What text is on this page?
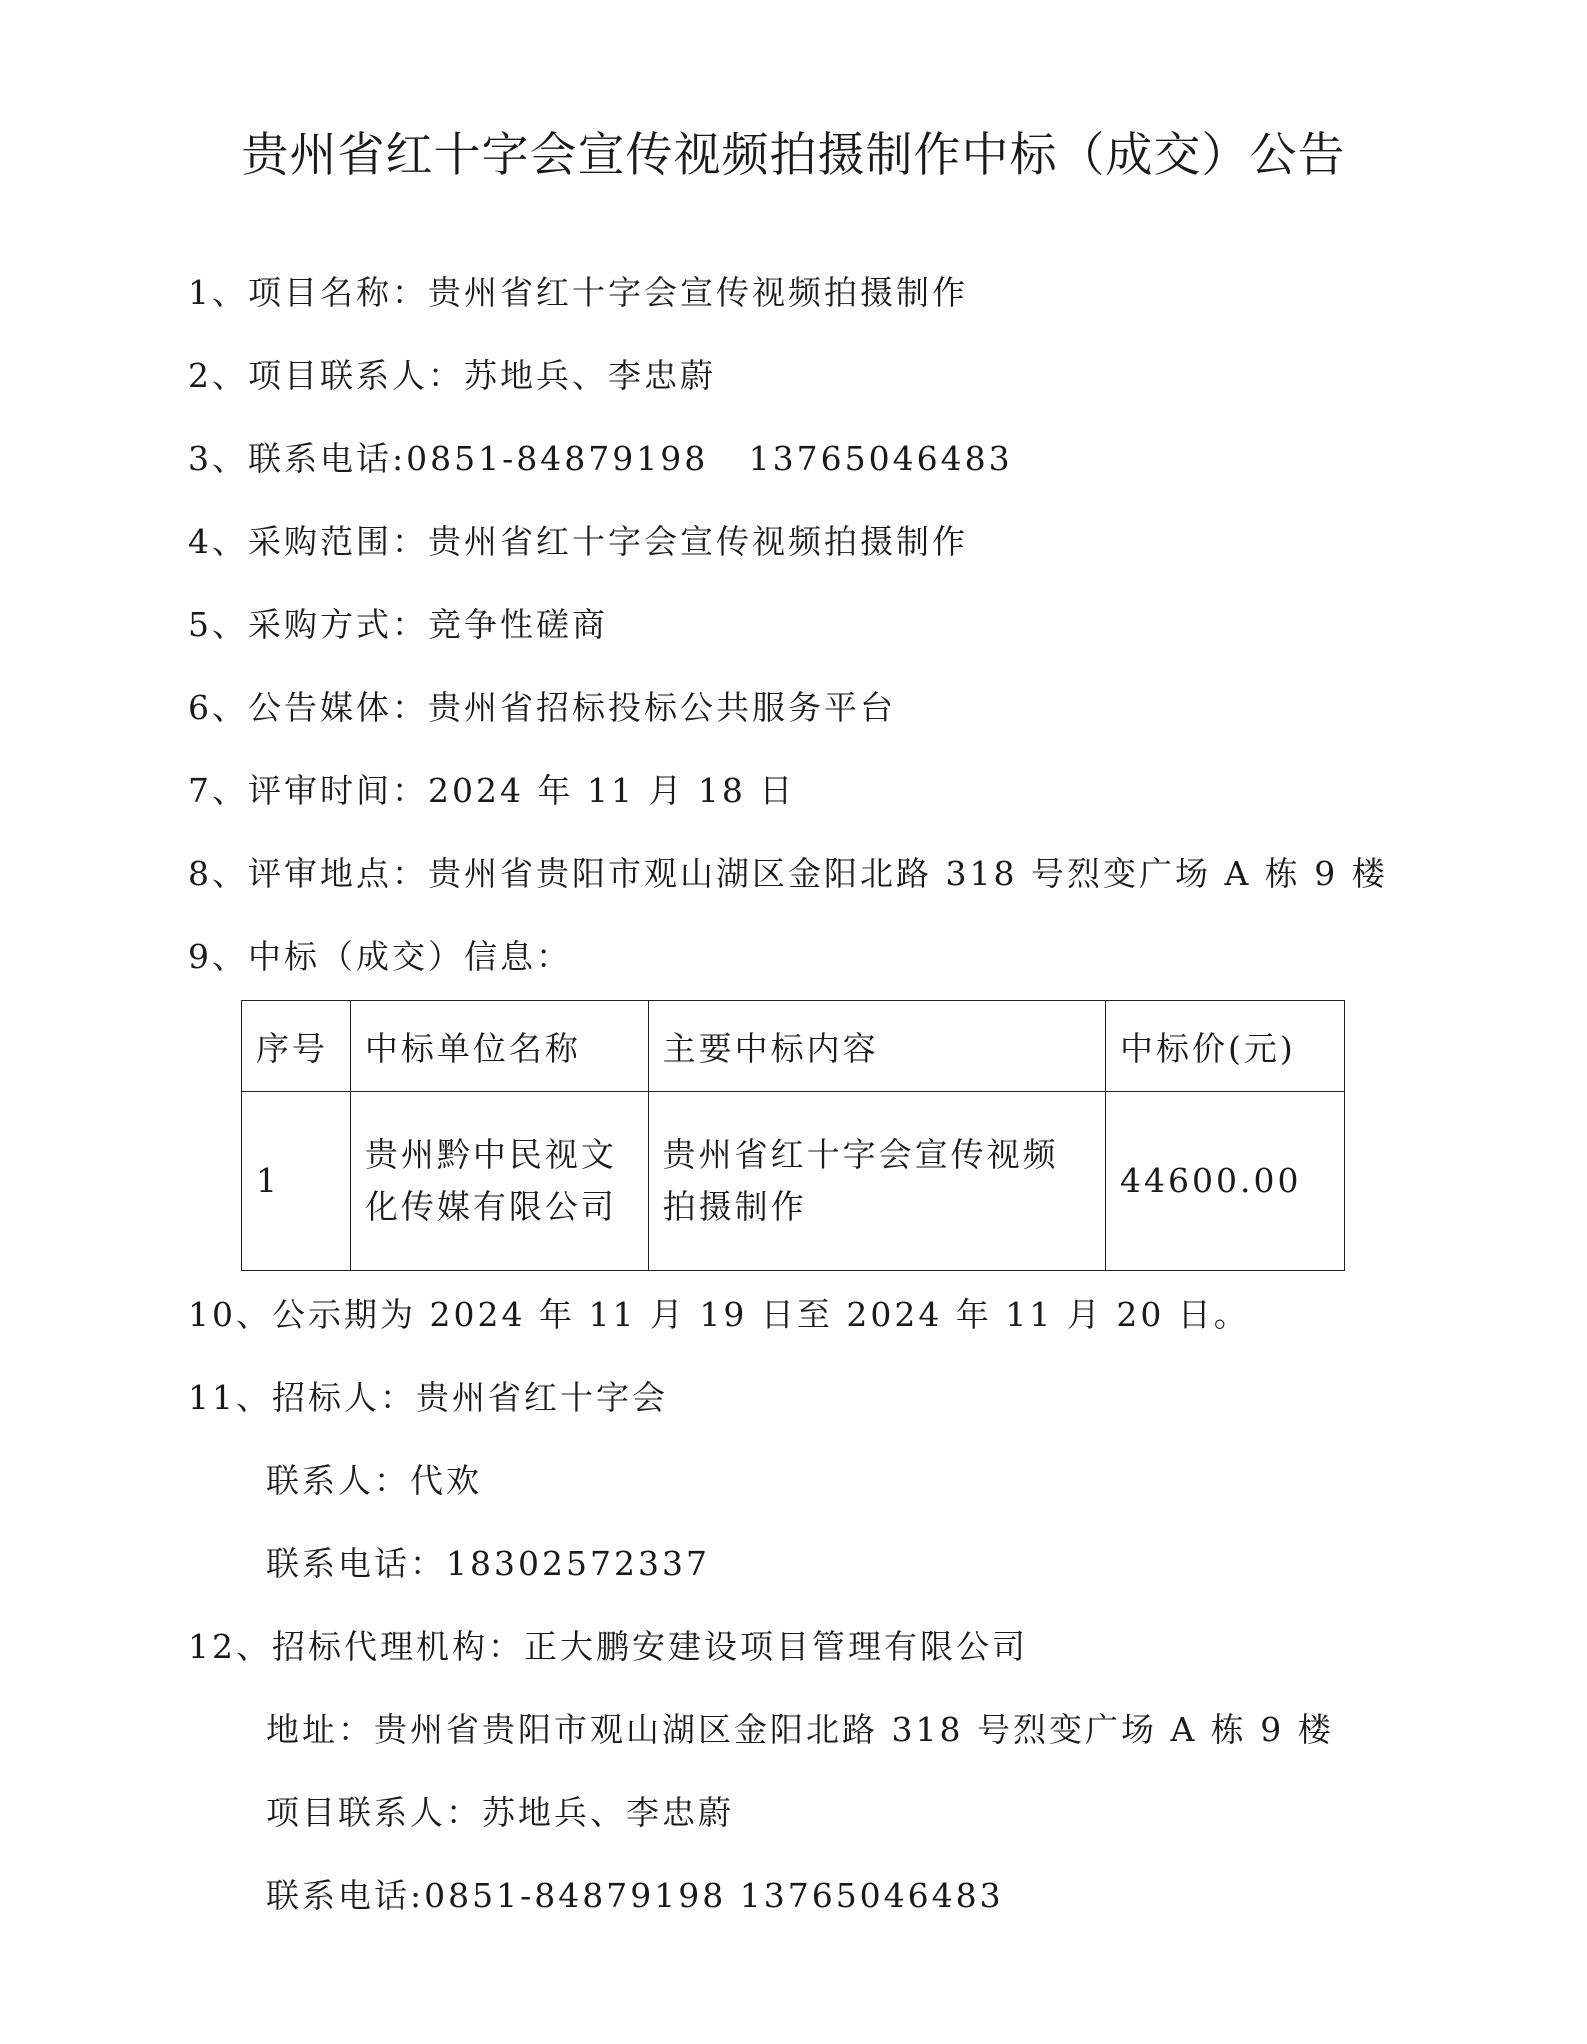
贵州省红十字会宣传视频拍摄制作中标（成交）公告
1、项目名称：贵州省红十字会宣传视频拍摄制作
2、项目联系人：苏地兵、李忠蔚
3、联系电话:0851-84879198   13765046483
4、采购范围：贵州省红十字会宣传视频拍摄制作
5、采购方式：竞争性磋商
6、公告媒体：贵州省招标投标公共服务平台
7、评审时间：2024 年 11 月 18 日
8、评审地点：贵州省贵阳市观山湖区金阳北路 318 号烈变广场 A 栋 9 楼
9、中标（成交）信息：
序号	中标单位名称	主要中标内容	中标价(元)
1	贵州黔中民视文化传媒有限公司	贵州省红十字会宣传视频拍摄制作	44600.00
10、公示期为 2024 年 11 月 19 日至 2024 年 11 月 20 日。
11、招标人：贵州省红十字会
联系人：代欢
联系电话：18302572337
12、招标代理机构：正大鹏安建设项目管理有限公司
地址：贵州省贵阳市观山湖区金阳北路 318 号烈变广场 A 栋 9 楼
项目联系人：苏地兵、李忠蔚
联系电话:0851-84879198 13765046483
